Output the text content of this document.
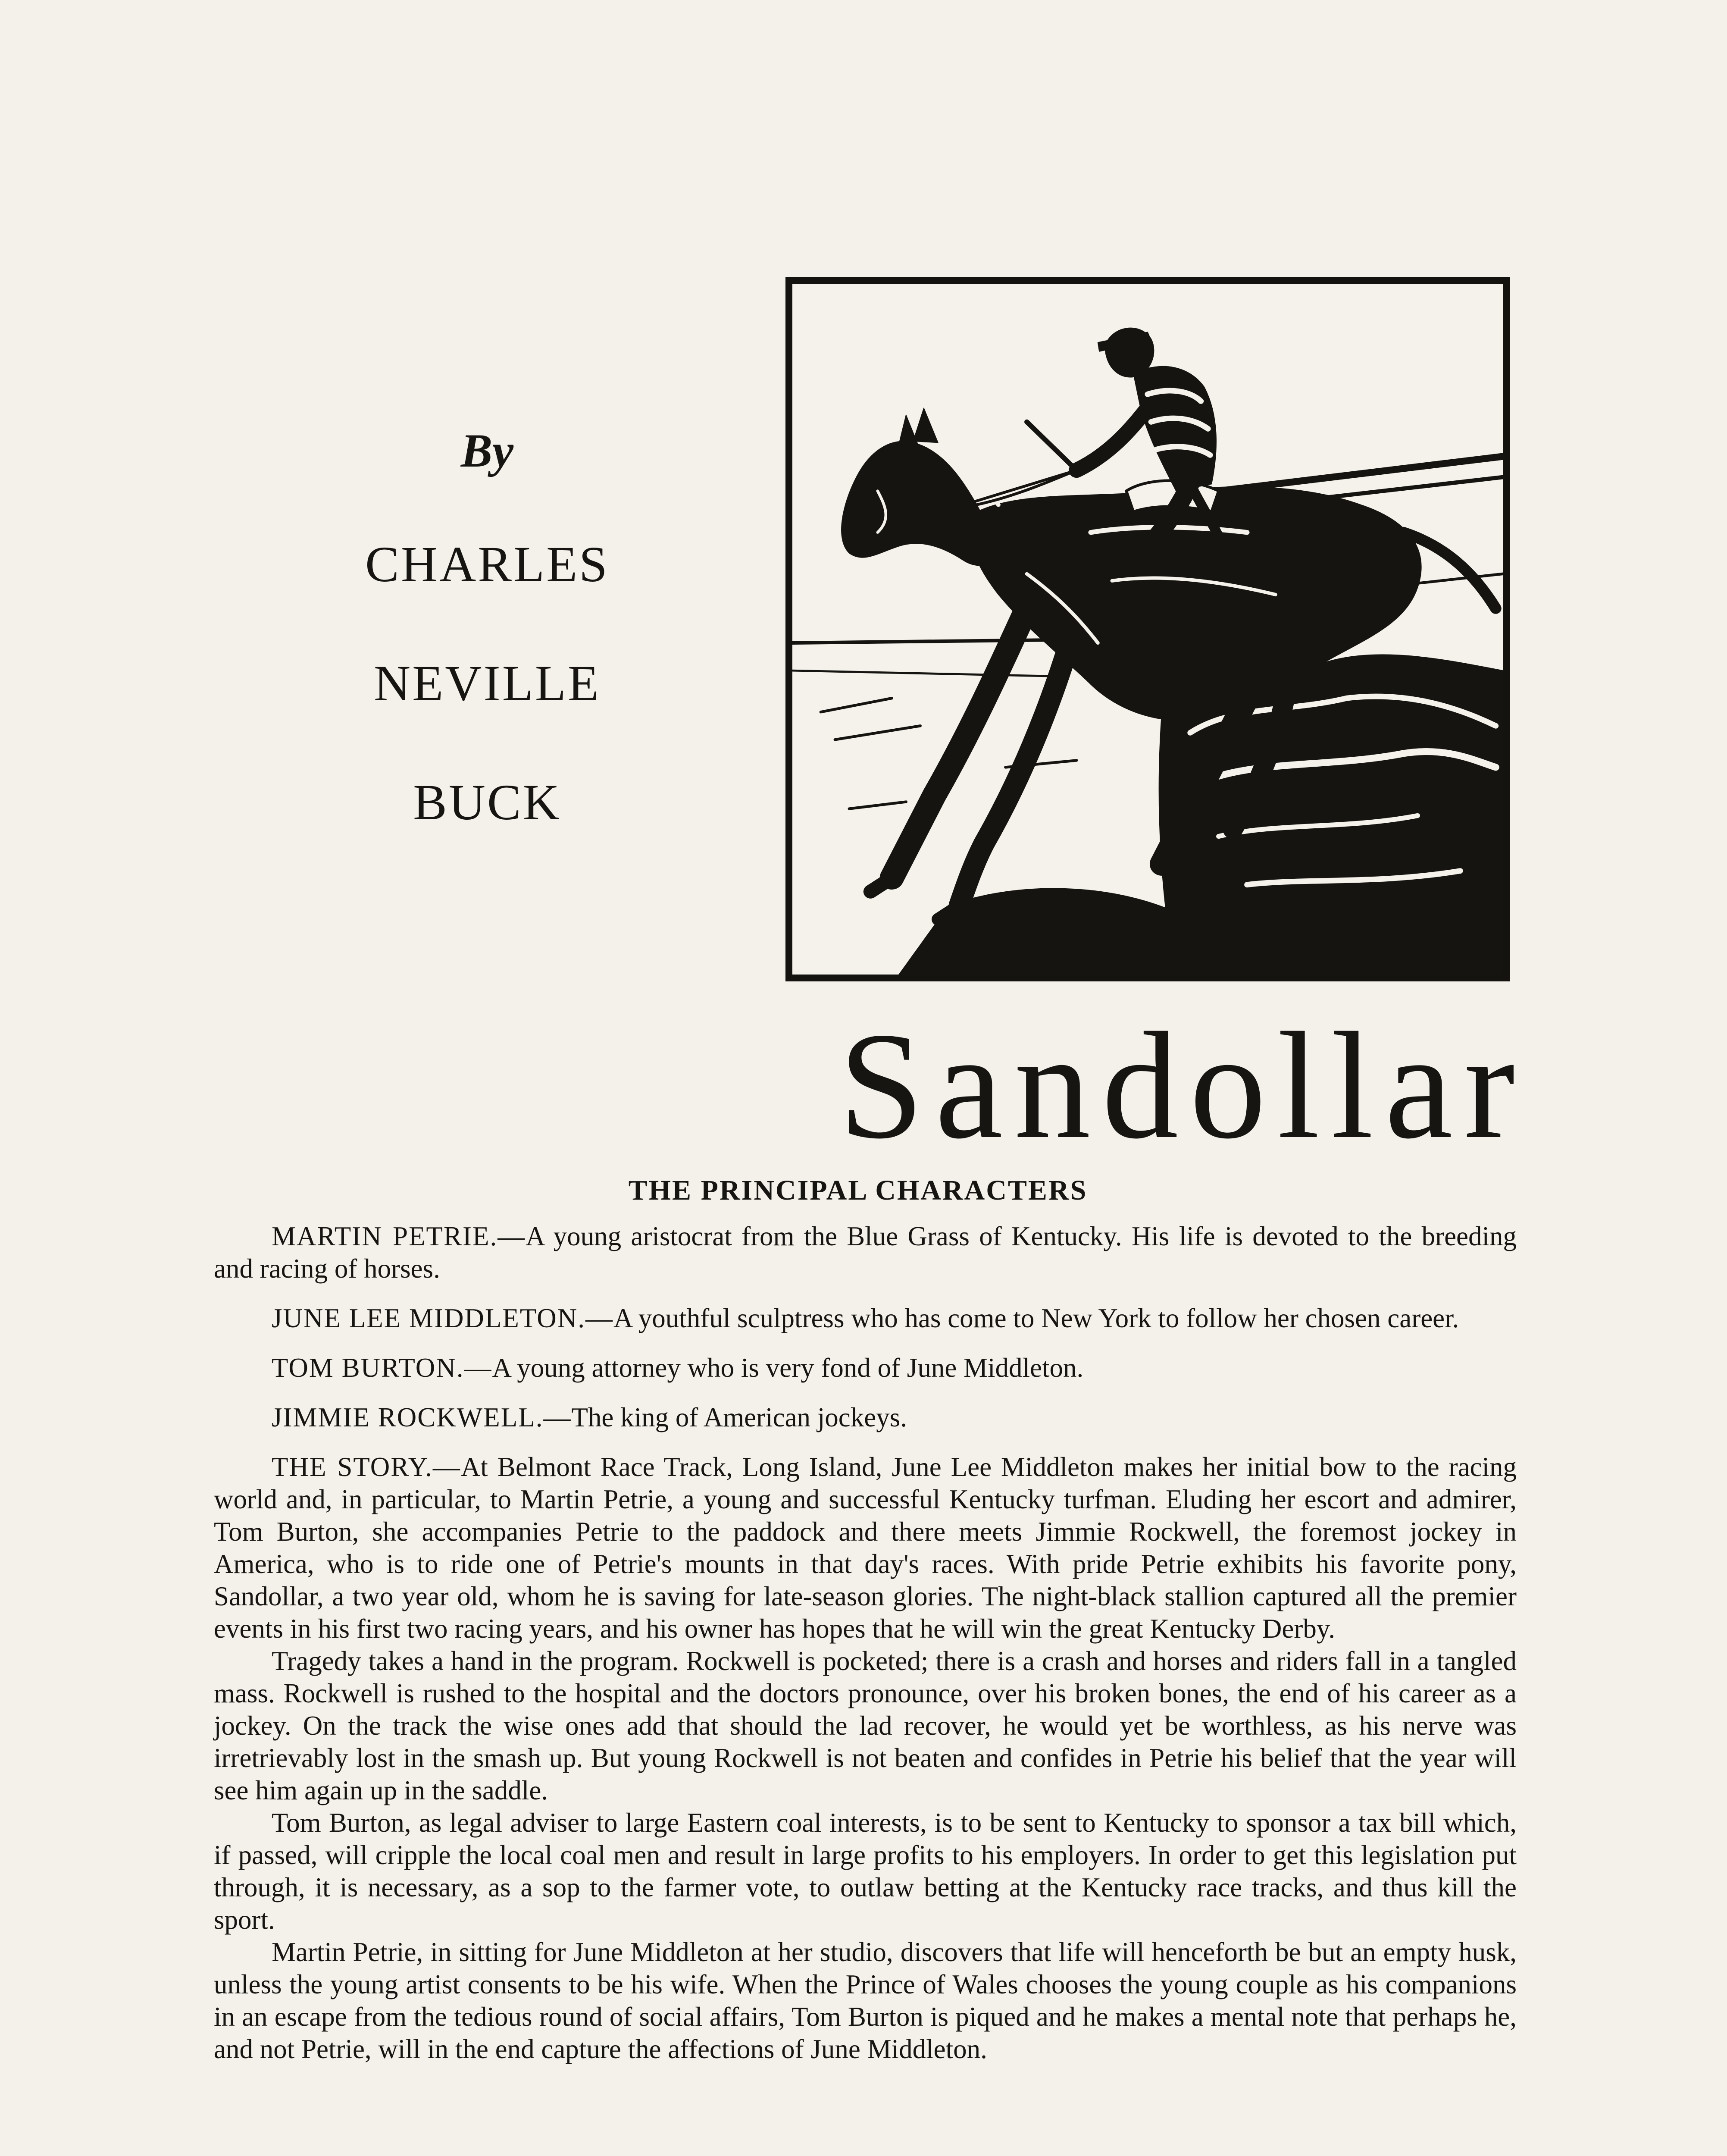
By
CHARLES
NEVILLE
BUCK
Sandollar
THE PRINCIPAL CHARACTERS

MARTIN PETRIE.—A young aristocrat from the Blue Grass of Kentucky. His life is devoted to the breeding and racing of horses.

JUNE LEE MIDDLETON.—A youthful sculptress who has come to New York to follow her chosen career.

TOM BURTON.—A young attorney who is very fond of June Middleton.

JIMMIE ROCKWELL.—The king of American jockeys.

THE STORY.—At Belmont Race Track, Long Island, June Lee Middleton makes her initial bow to the racing world and, in particular, to Martin Petrie, a young and successful Kentucky turfman. Eluding her escort and admirer, Tom Burton, she accompanies Petrie to the paddock and there meets Jimmie Rockwell, the foremost jockey in America, who is to ride one of Petrie's mounts in that day's races. With pride Petrie exhibits his favorite pony, Sandollar, a two year old, whom he is saving for late-season glories. The night-black stallion captured all the premier events in his first two racing years, and his owner has hopes that he will win the great Kentucky Derby.

Tragedy takes a hand in the program. Rockwell is pocketed; there is a crash and horses and riders fall in a tangled mass. Rockwell is rushed to the hospital and the doctors pronounce, over his broken bones, the end of his career as a jockey. On the track the wise ones add that should the lad recover, he would yet be worthless, as his nerve was irretrievably lost in the smash up. But young Rockwell is not beaten and confides in Petrie his belief that the year will see him again up in the saddle.

Tom Burton, as legal adviser to large Eastern coal interests, is to be sent to Kentucky to sponsor a tax bill which, if passed, will cripple the local coal men and result in large profits to his employers. In order to get this legislation put through, it is necessary, as a sop to the farmer vote, to outlaw betting at the Kentucky race tracks, and thus kill the sport.

Martin Petrie, in sitting for June Middleton at her studio, discovers that life will henceforth be but an empty husk, unless the young artist consents to be his wife. When the Prince of Wales chooses the young couple as his companions in an escape from the tedious round of social affairs, Tom Burton is piqued and he makes a mental note that perhaps he, and not Petrie, will in the end capture the affections of June Middleton.
